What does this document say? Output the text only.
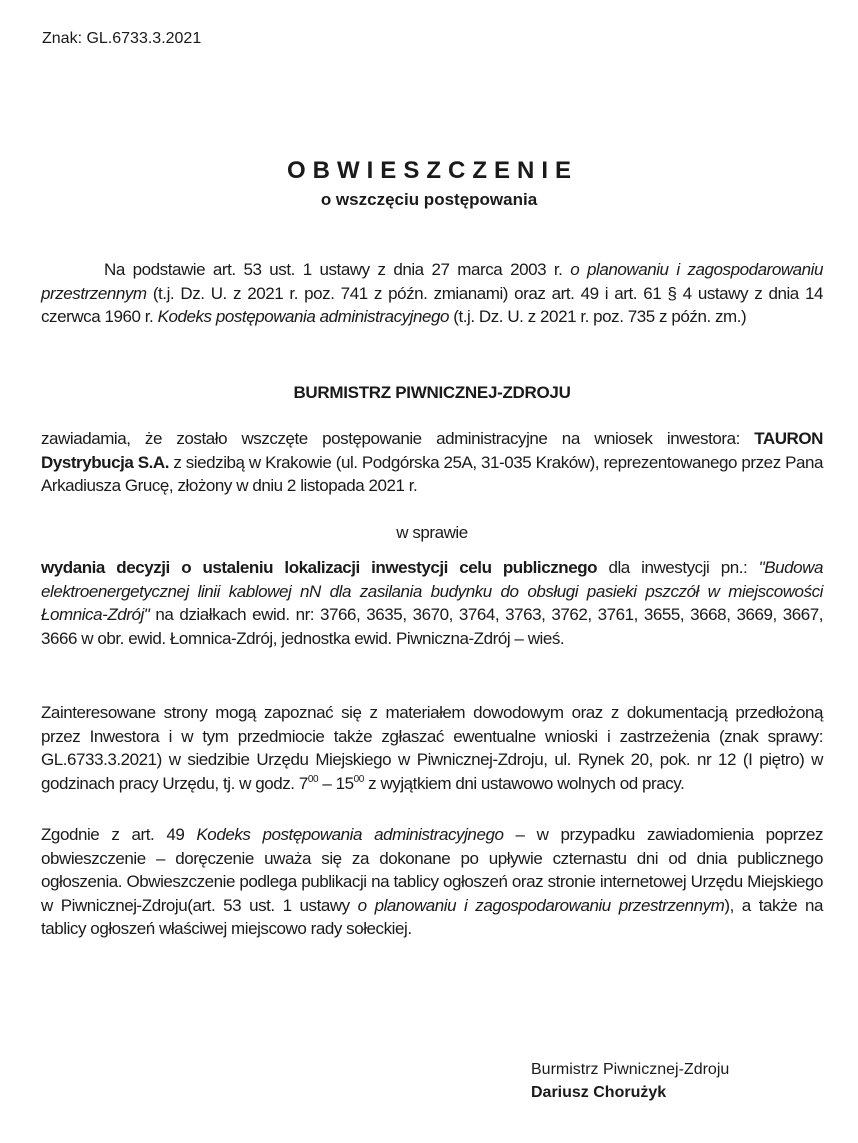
Znak: GL.6733.3.2021
OBWIESZCZENIE
o wszczęciu postępowania

Na podstawie art. 53 ust. 1 ustawy z dnia 27 marca 2003 r. o planowaniu i zagospodarowaniu przestrzennym (t.j. Dz. U. z 2021 r. poz. 741 z późn. zmianami) oraz art. 49 i art. 61 § 4 ustawy z dnia 14 czerwca 1960 r. Kodeks postępowania administracyjnego (t.j. Dz. U. z 2021 r. poz. 735 z późn. zm.)

BURMISTRZ PIWNICZNEJ-ZDROJU

zawiadamia, że zostało wszczęte postępowanie administracyjne na wniosek inwestora: TAURON Dystrybucja S.A. z siedzibą w Krakowie (ul. Podgórska 25A, 31-035 Kraków), reprezentowanego przez Pana Arkadiusza Grucę, złożony w dniu 2 listopada 2021 r.

w sprawie

wydania decyzji o ustaleniu lokalizacji inwestycji celu publicznego dla inwestycji pn.: "Budowa elektroenergetycznej linii kablowej nN dla zasilania budynku do obsługi pasieki pszczół w miejscowości Łomnica-Zdrój" na działkach ewid. nr: 3766, 3635, 3670, 3764, 3763, 3762, 3761, 3655, 3668, 3669, 3667, 3666 w obr. ewid. Łomnica-Zdrój, jednostka ewid. Piwniczna-Zdrój – wieś.

Zainteresowane strony mogą zapoznać się z materiałem dowodowym oraz z dokumentacją przedłożoną przez Inwestora i w tym przedmiocie także zgłaszać ewentualne wnioski i zastrzeżenia (znak sprawy: GL.6733.3.2021) w siedzibie Urzędu Miejskiego w Piwnicznej-Zdroju, ul. Rynek 20, pok. nr 12 (I piętro) w godzinach pracy Urzędu, tj. w godz. $7^{00} - 15^{00}$ z wyjątkiem dni ustawowo wolnych od pracy.

Zgodnie z art. 49 Kodeks postępowania administracyjnego – w przypadku zawiadomienia poprzez obwieszczenie – doręczenie uważa się za dokonane po upływie czternastu dni od dnia publicznego ogłoszenia. Obwieszczenie podlega publikacji na tablicy ogłoszeń oraz stronie internetowej Urzędu Miejskiego w Piwnicznej-Zdroju(art. 53 ust. 1 ustawy o planowaniu i zagospodarowaniu przestrzennym), a także na tablicy ogłoszeń właściwej miejscowo rady sołeckiej.

Burmistrz Piwnicznej-Zdroju
Dariusz Chorużyk
